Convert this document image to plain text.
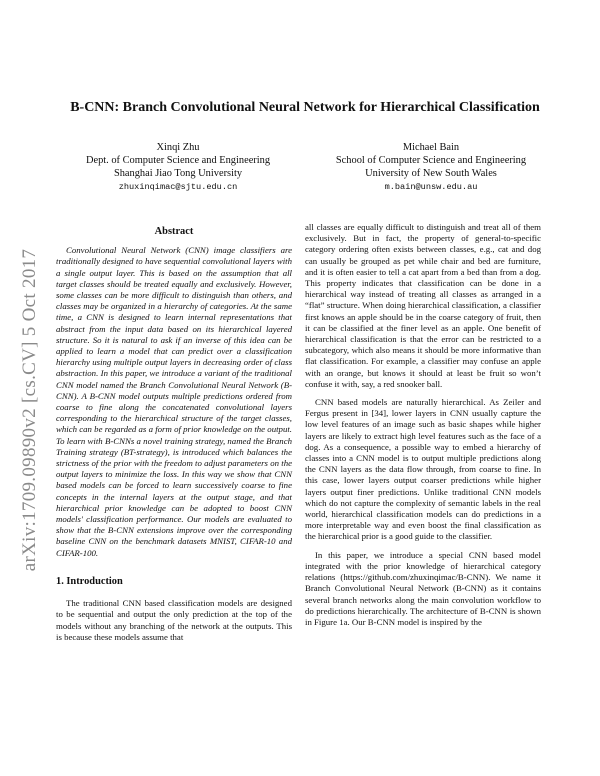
arXiv:1709.09890v2 [cs.CV] 5 Oct 2017
B-CNN: Branch Convolutional Neural Network for Hierarchical Classification
Xinqi Zhu
Dept. of Computer Science and Engineering
Shanghai Jiao Tong University
zhuxinqimac@sjtu.edu.cn
Michael Bain
School of Computer Science and Engineering
University of New South Wales
m.bain@unsw.edu.au
Abstract

Convolutional Neural Network (CNN) image classifiers are traditionally designed to have sequential convolutional layers with a single output layer. This is based on the assumption that all target classes should be treated equally and exclusively. However, some classes can be more difficult to distinguish than others, and classes may be organized in a hierarchy of categories. At the same time, a CNN is designed to learn internal representations that abstract from the input data based on its hierarchical layered structure. So it is natural to ask if an inverse of this idea can be applied to learn a model that can predict over a classification hierarchy using multiple output layers in decreasing order of class abstraction. In this paper, we introduce a variant of the traditional CNN model named the Branch Convolutional Neural Network (B-CNN). A B-CNN model outputs multiple predictions ordered from coarse to fine along the concatenated convolutional layers corresponding to the hierarchical structure of the target classes, which can be regarded as a form of prior knowledge on the output. To learn with B-CNNs a novel training strategy, named the Branch Training strategy (BT-strategy), is introduced which balances the strictness of the prior with the freedom to adjust parameters on the output layers to minimize the loss. In this way we show that CNN based models can be forced to learn successively coarse to fine concepts in the internal layers at the output stage, and that hierarchical prior knowledge can be adopted to boost CNN models' classification performance. Our models are evaluated to show that the B-CNN extensions improve over the corresponding baseline CNN on the benchmark datasets MNIST, CIFAR-10 and CIFAR-100.

1. Introduction

The traditional CNN based classification models are designed to be sequential and output the only prediction at the top of the models without any branching of the network at the outputs. This is because these models assume that

all classes are equally difficult to distinguish and treat all of them exclusively. But in fact, the property of general-to-specific category ordering often exists between classes, e.g., cat and dog can usually be grouped as pet while chair and bed are furniture, and it is often easier to tell a cat apart from a bed than from a dog. This property indicates that classification can be done in a hierarchical way instead of treating all classes as arranged in a “flat” structure. When doing hierarchical classification, a classifier first knows an apple should be in the coarse category of fruit, then it can be classified at the finer level as an apple. One benefit of hierarchical classification is that the error can be restricted to a subcategory, which also means it should be more informative than flat classification. For example, a classifier may confuse an apple with an orange, but knows it should at least be fruit so won’t confuse it with, say, a red snooker ball.

CNN based models are naturally hierarchical. As Zeiler and Fergus present in [34], lower layers in CNN usually capture the low level features of an image such as basic shapes while higher layers are likely to extract high level features such as the face of a dog. As a consequence, a possible way to embed a hierarchy of classes into a CNN model is to output multiple predictions along the CNN layers as the data flow through, from coarse to fine. In this case, lower layers output coarser predictions while higher layers output finer predictions. Unlike traditional CNN models which do not capture the complexity of semantic labels in the real world, hierarchical classification models can do predictions in a more interpretable way and even boost the final classification as the hierarchical prior is a good guide to the classifier.

In this paper, we introduce a special CNN based model integrated with the prior knowledge of hierarchical category relations (https://github.com/zhuxinqimac/B-CNN). We name it Branch Convolutional Neural Network (B-CNN) as it contains several branch networks along the main convolution workflow to do predictions hierarchically. The architecture of B-CNN is shown in Figure 1a. Our B-CNN model is inspired by the
